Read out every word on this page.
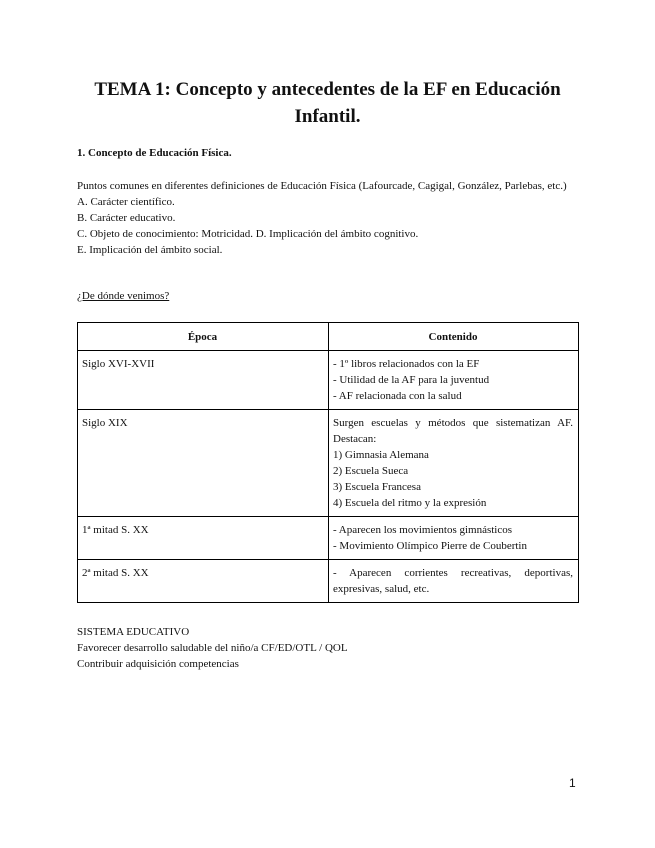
TEMA 1: Concepto y antecedentes de la EF en Educación Infantil.
1. Concepto de Educación Física.

Puntos comunes en diferentes definiciones de Educación Física (Lafourcade, Cagigal, González, Parlebas, etc.)

A. Carácter científico.

B. Carácter educativo.

C. Objeto de conocimiento: Motricidad. D. Implicación del ámbito cognitivo.

E. Implicación del ámbito social.

¿De dónde venimos?
Época	Contenido
Siglo XVI-XVII	- 1º libros relacionados con la EF
- Utilidad de la AF para la juventud
- AF relacionada con la salud

Siglo XIX	Surgen escuelas y métodos que sistematizan AF. Destacan:
1) Gimnasia Alemana
2) Escuela Sueca
3) Escuela Francesa
4) Escuela del ritmo y la expresión

1ª mitad S. XX	- Aparecen los movimientos gimnásticos
- Movimiento Olímpico Pierre de Coubertin

2ª mitad S. XX	- Aparecen corrientes recreativas, deportivas, expresivas, salud, etc.
SISTEMA EDUCATIVO
Favorecer desarrollo saludable del niño/a CF/ED/OTL / QOL
Contribuir adquisición competencias
1
